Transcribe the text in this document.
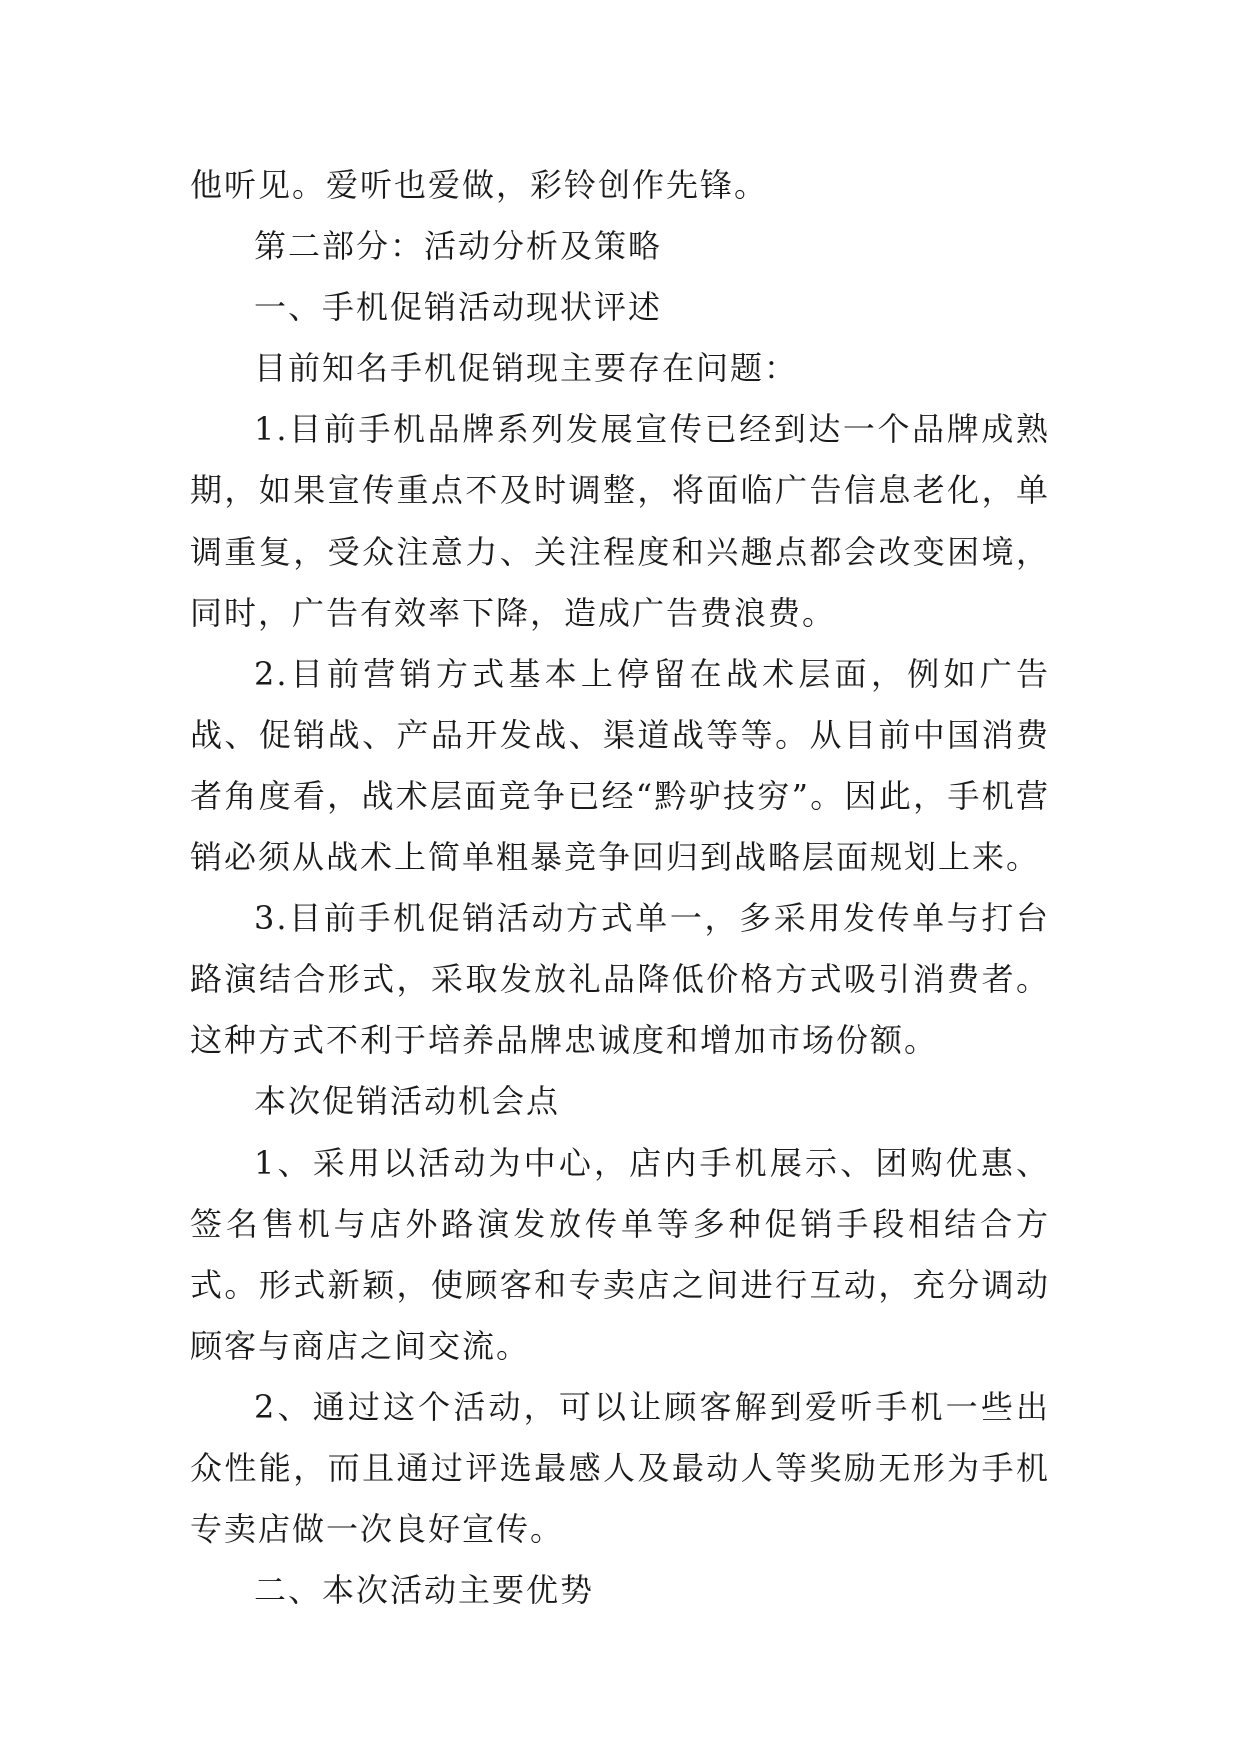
他听见。爱听也爱做，彩铃创作先锋。

第二部分：活动分析及策略

一、手机促销活动现状评述

目前知名手机促销现主要存在问题：

1.目前手机品牌系列发展宣传已经到达一个品牌成熟期，如果宣传重点不及时调整，将面临广告信息老化，单调重复，受众注意力、关注程度和兴趣点都会改变困境，同时，广告有效率下降，造成广告费浪费。

2.目前营销方式基本上停留在战术层面，例如广告战、促销战、产品开发战、渠道战等等。从目前中国消费者角度看，战术层面竞争已经“黔驴技穷”。因此，手机营销必须从战术上简单粗暴竞争回归到战略层面规划上来。

3.目前手机促销活动方式单一，多采用发传单与打台路演结合形式，采取发放礼品降低价格方式吸引消费者。这种方式不利于培养品牌忠诚度和增加市场份额。

本次促销活动机会点

1、采用以活动为中心，店内手机展示、团购优惠、签名售机与店外路演发放传单等多种促销手段相结合方式。形式新颖，使顾客和专卖店之间进行互动，充分调动顾客与商店之间交流。

2、通过这个活动，可以让顾客解到爱听手机一些出众性能，而且通过评选最感人及最动人等奖励无形为手机专卖店做一次良好宣传。

二、本次活动主要优势
